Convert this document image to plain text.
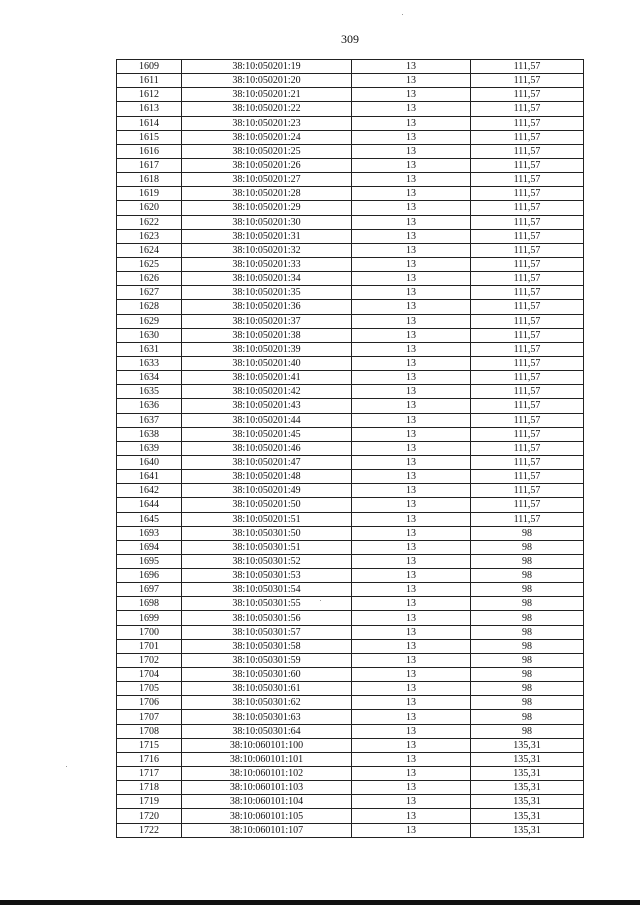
309
1609	38:10:050201:19	13	111,57
1611	38:10:050201:20	13	111,57
1612	38:10:050201:21	13	111,57
1613	38:10:050201:22	13	111,57
1614	38:10:050201:23	13	111,57
1615	38:10:050201:24	13	111,57
1616	38:10:050201:25	13	111,57
1617	38:10:050201:26	13	111,57
1618	38:10:050201:27	13	111,57
1619	38:10:050201:28	13	111,57
1620	38:10:050201:29	13	111,57
1622	38:10:050201:30	13	111,57
1623	38:10:050201:31	13	111,57
1624	38:10:050201:32	13	111,57
1625	38:10:050201:33	13	111,57
1626	38:10:050201:34	13	111,57
1627	38:10:050201:35	13	111,57
1628	38:10:050201:36	13	111,57
1629	38:10:050201:37	13	111,57
1630	38:10:050201:38	13	111,57
1631	38:10:050201:39	13	111,57
1633	38:10:050201:40	13	111,57
1634	38:10:050201:41	13	111,57
1635	38:10:050201:42	13	111,57
1636	38:10:050201:43	13	111,57
1637	38:10:050201:44	13	111,57
1638	38:10:050201:45	13	111,57
1639	38:10:050201:46	13	111,57
1640	38:10:050201:47	13	111,57
1641	38:10:050201:48	13	111,57
1642	38:10:050201:49	13	111,57
1644	38:10:050201:50	13	111,57
1645	38:10:050201:51	13	111,57
1693	38:10:050301:50	13	98
1694	38:10:050301:51	13	98
1695	38:10:050301:52	13	98
1696	38:10:050301:53	13	98
1697	38:10:050301:54	13	98
1698	38:10:050301:55	13	98
1699	38:10:050301:56	13	98
1700	38:10:050301:57	13	98
1701	38:10:050301:58	13	98
1702	38:10:050301:59	13	98
1704	38:10:050301:60	13	98
1705	38:10:050301:61	13	98
1706	38:10:050301:62	13	98
1707	38:10:050301:63	13	98
1708	38:10:050301:64	13	98
1715	38:10:060101:100	13	135,31
1716	38:10:060101:101	13	135,31
1717	38:10:060101:102	13	135,31
1718	38:10:060101:103	13	135,31
1719	38:10:060101:104	13	135,31
1720	38:10:060101:105	13	135,31
1722	38:10:060101:107	13	135,31
